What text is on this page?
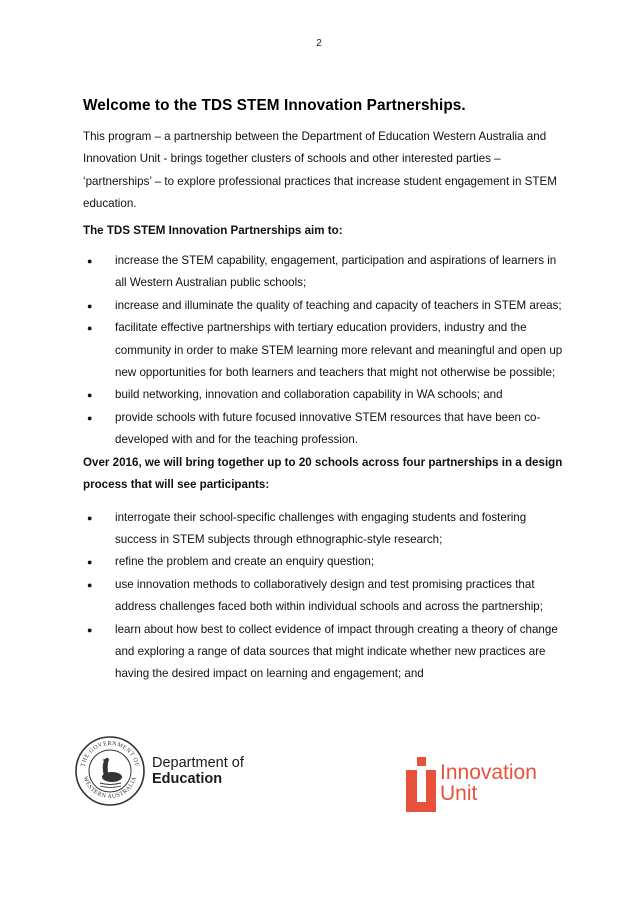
2
Welcome to the TDS STEM Innovation Partnerships.

This program – a partnership between the Department of Education Western Australia and Innovation Unit - brings together clusters of schools and other interested parties – ‘partnerships’ – to explore professional practices that increase student engagement in STEM education.

The TDS STEM Innovation Partnerships aim to:

● increase the STEM capability, engagement, participation and aspirations of learners in all Western Australian public schools;
● increase and illuminate the quality of teaching and capacity of teachers in STEM areas;
● facilitate effective partnerships with tertiary education providers, industry and the community in order to make STEM learning more relevant and meaningful and open up new opportunities for both learners and teachers that might not otherwise be possible;
● build networking, innovation and collaboration capability in WA schools; and
● provide schools with future focused innovative STEM resources that have been co-developed with and for the teaching profession.

Over 2016, we will bring together up to 20 schools across four partnerships in a design process that will see participants:

● interrogate their school-specific challenges with engaging students and fostering success in STEM subjects through ethnographic-style research;
● refine the problem and create an enquiry question;
● use innovation methods to collaboratively design and test promising practices that address challenges faced both within individual schools and across the partnership;
● learn about how best to collect evidence of impact through creating a theory of change and exploring a range of data sources that might indicate whether new practices are having the desired impact on learning and engagement; and
THE GOVERNMENT OF
WESTERN AUSTRALIA
Department of
Education	Innovation
Unit
